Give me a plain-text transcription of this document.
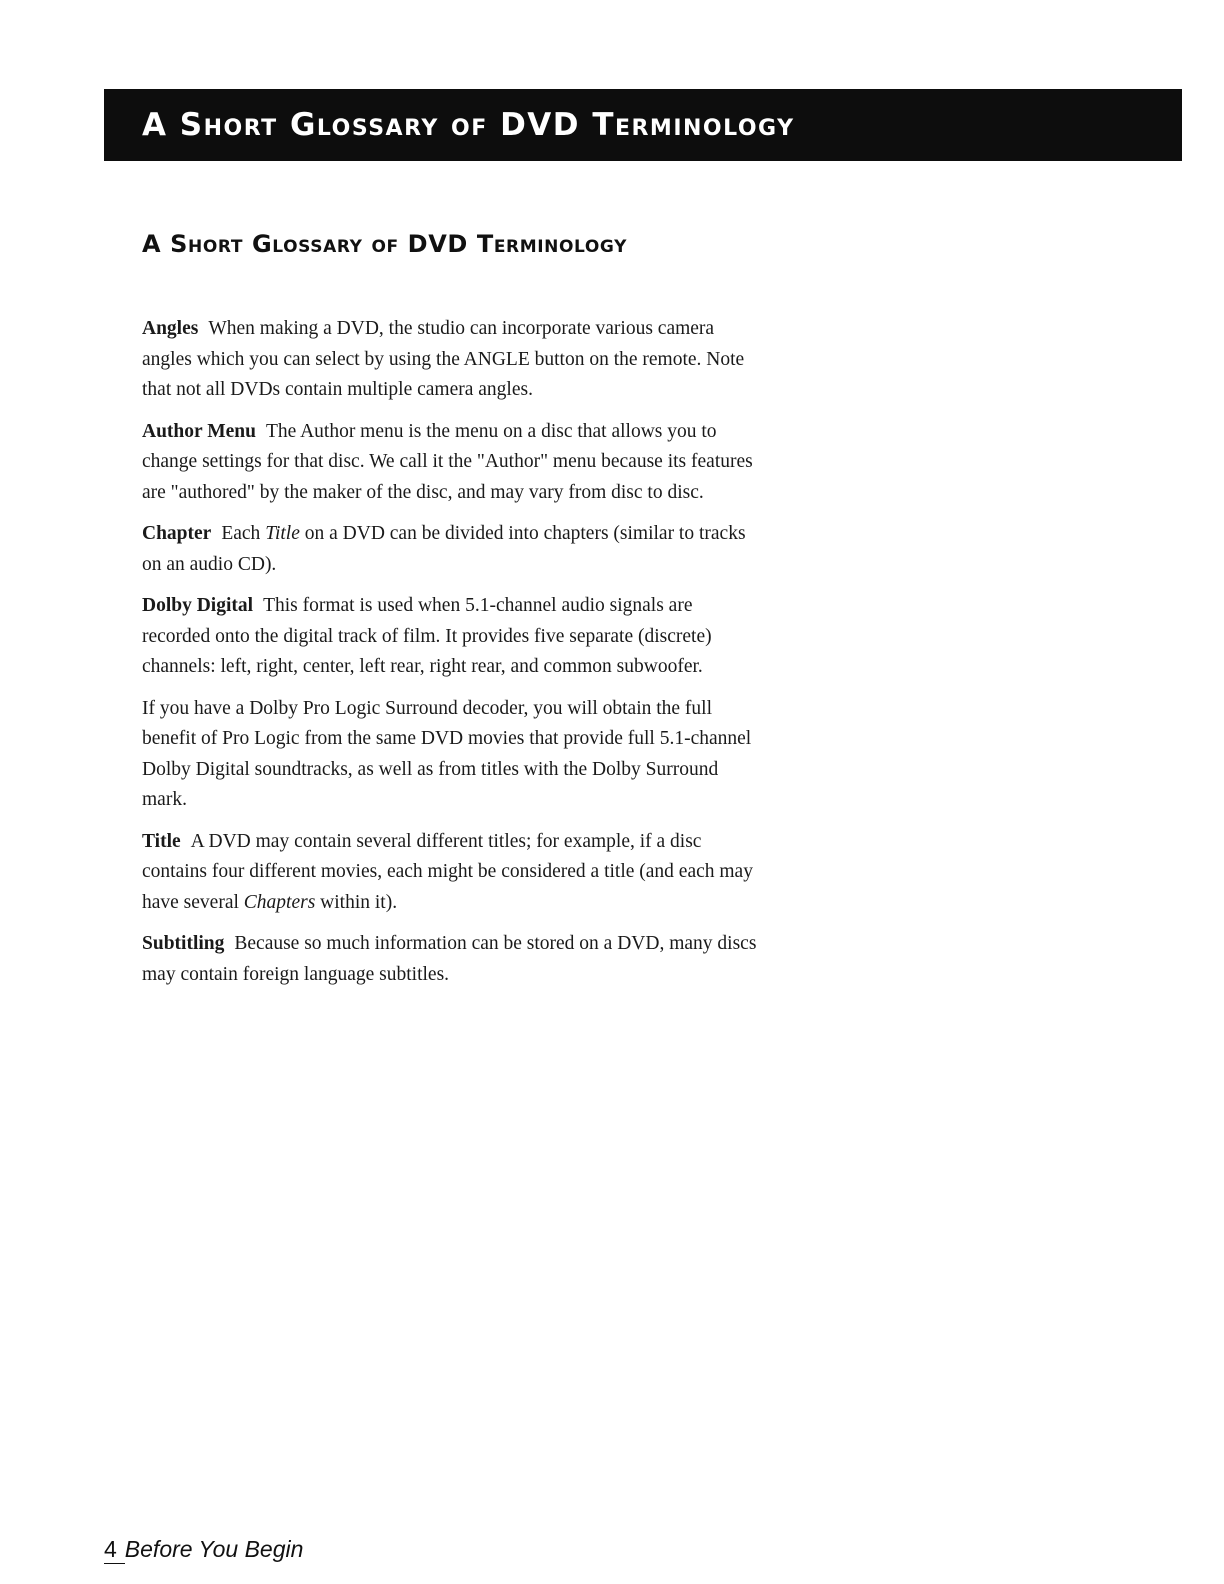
A Short Glossary of DVD Terminology
A Short Glossary of DVD Terminology

Angles When making a DVD, the studio can incorporate various camera angles which you can select by using the ANGLE button on the remote. Note that not all DVDs contain multiple camera angles.

Author Menu The Author menu is the menu on a disc that allows you to change settings for that disc. We call it the "Author" menu because its features are "authored" by the maker of the disc, and may vary from disc to disc.

Chapter Each Title on a DVD can be divided into chapters (similar to tracks on an audio CD).

Dolby Digital This format is used when 5.1-channel audio signals are recorded onto the digital track of film. It provides five separate (discrete) channels: left, right, center, left rear, right rear, and common subwoofer.

If you have a Dolby Pro Logic Surround decoder, you will obtain the full benefit of Pro Logic from the same DVD movies that provide full 5.1-channel Dolby Digital soundtracks, as well as from titles with the Dolby Surround mark.

Title A DVD may contain several different titles; for example, if a disc contains four different movies, each might be considered a title (and each may have several Chapters within it).

Subtitling Because so much information can be stored on a DVD, many discs may contain foreign language subtitles.

4 Before You Begin
